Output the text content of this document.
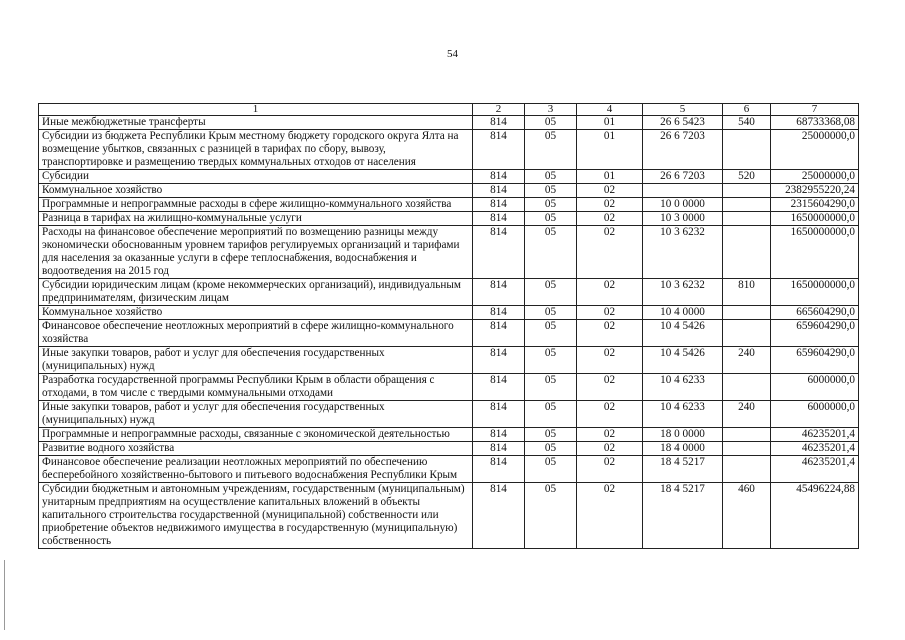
54
1	2	3	4	5	6	7
Иные межбюджетные трансферты	814	05	01	26 6 5423	540	68733368,08
Субсидии из бюджета Республики Крым местному бюджету городского округа Ялта на возмещение убытков, связанных с разницей в тарифах по сбору, вывозу, транспортировке и размещению твердых коммунальных отходов от населения	814	05	01	26 6 7203		25000000,0
Субсидии	814	05	01	26 6 7203	520	25000000,0
Коммунальное хозяйство	814	05	02			2382955220,24
Программные и непрограммные расходы в сфере жилищно-коммунального хозяйства	814	05	02	10 0 0000		2315604290,0
Разница в тарифах на жилищно-коммунальные услуги	814	05	02	10 3 0000		1650000000,0
Расходы на финансовое обеспечение мероприятий по возмещению разницы между экономически обоснованным уровнем тарифов регулируемых организаций и тарифами для населения за оказанные услуги в сфере теплоснабжения, водоснабжения и водоотведения на 2015 год	814	05	02	10 3 6232		1650000000,0
Субсидии юридическим лицам (кроме некоммерческих организаций), индивидуальным предпринимателям, физическим лицам	814	05	02	10 3 6232	810	1650000000,0
Коммунальное хозяйство	814	05	02	10 4 0000		665604290,0
Финансовое обеспечение неотложных мероприятий в сфере жилищно-коммунального хозяйства	814	05	02	10 4 5426		659604290,0
Иные закупки товаров, работ и услуг для обеспечения государственных (муниципальных) нужд	814	05	02	10 4 5426	240	659604290,0
Разработка государственной программы Республики Крым в области обращения с отходами, в том числе с твердыми коммунальными отходами	814	05	02	10 4 6233		6000000,0
Иные закупки товаров, работ и услуг для обеспечения государственных (муниципальных) нужд	814	05	02	10 4 6233	240	6000000,0
Программные и непрограммные расходы, связанные с экономической деятельностью	814	05	02	18 0 0000		46235201,4
Развитие водного хозяйства	814	05	02	18 4 0000		46235201,4
Финансовое обеспечение реализации неотложных мероприятий по обеспечению бесперебойного хозяйственно-бытового и питьевого водоснабжения Республики Крым	814	05	02	18 4 5217		46235201,4
Субсидии бюджетным и автономным учреждениям, государственным (муниципальным) унитарным предприятиям на осуществление капитальных вложений в объекты капитального строительства государственной (муниципальной) собственности или приобретение объектов недвижимого имущества в государственную (муниципальную) собственность	814	05	02	18 4 5217	460	45496224,88
